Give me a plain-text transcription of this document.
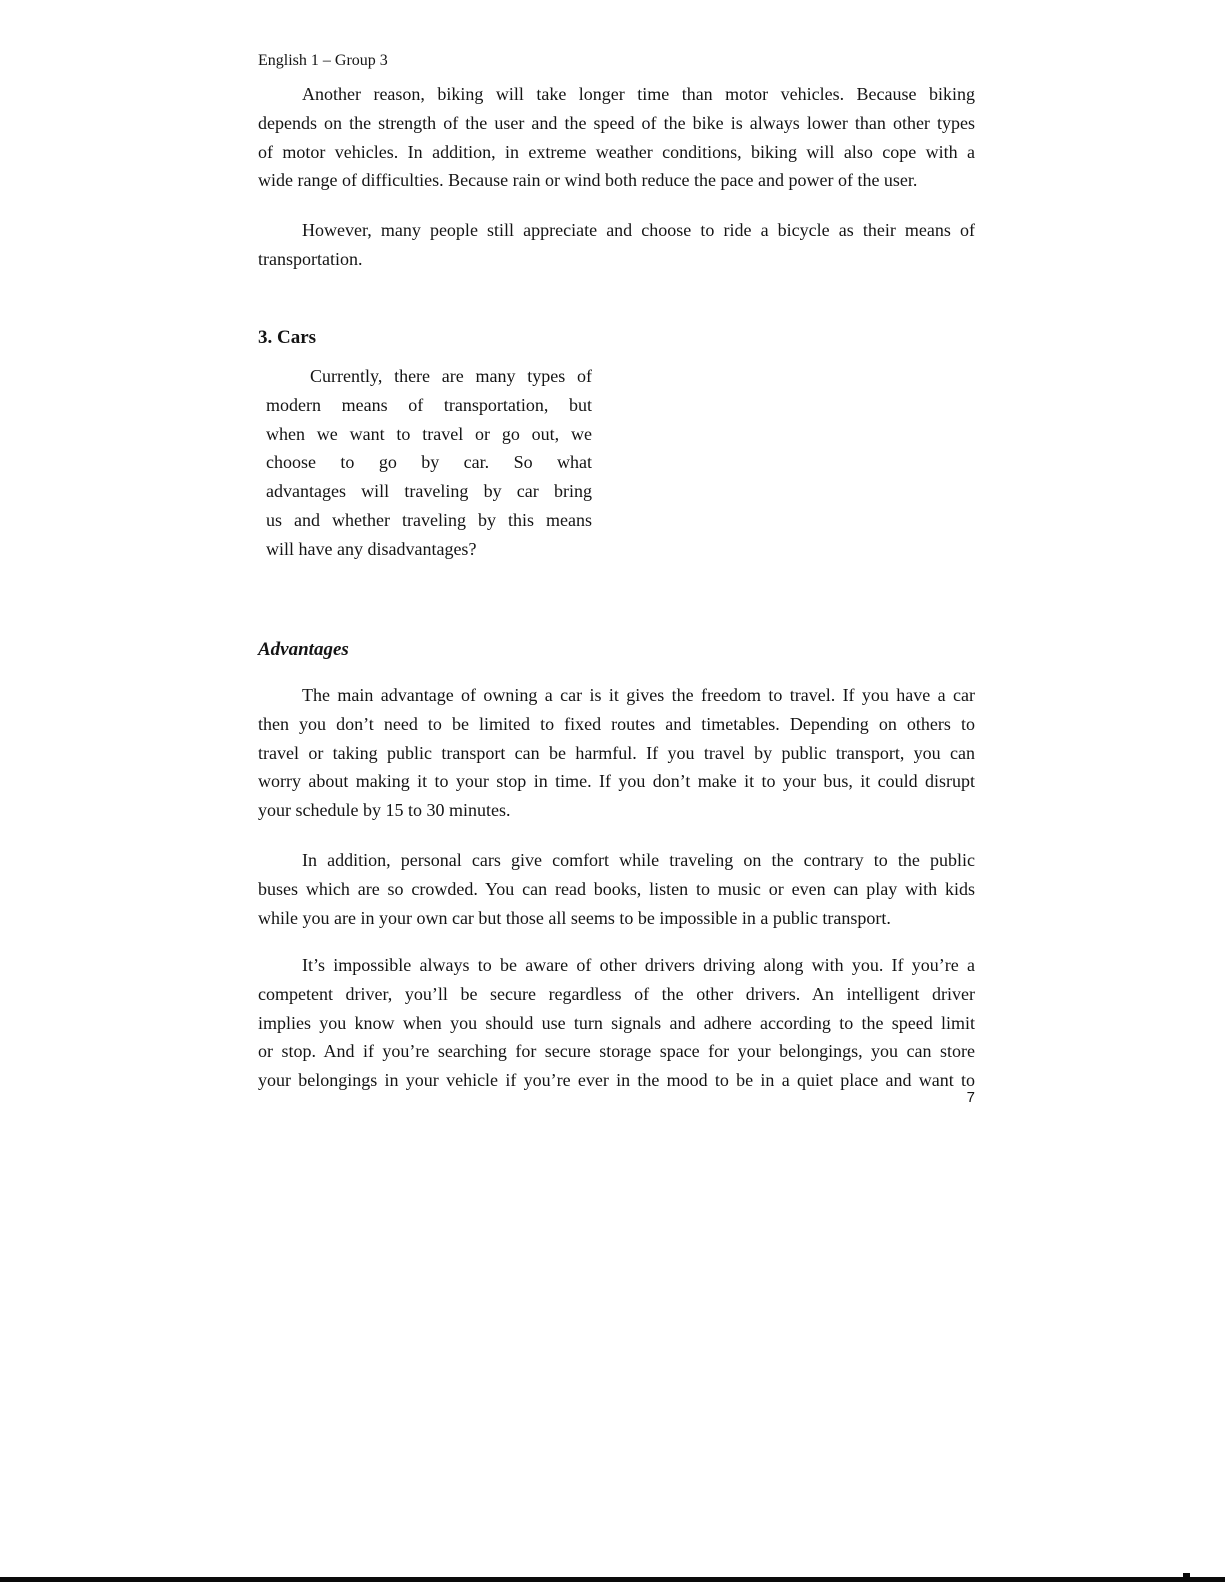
English 1 – Group 3
Another reason, biking will take longer time than motor vehicles. Because biking
depends on the strength of the user and the speed of the bike is always lower than other types
of motor vehicles. In addition, in extreme weather conditions, biking will also cope with a
wide range of difficulties. Because rain or wind both reduce the pace and power of the user.
However, many people still appreciate and choose to ride a bicycle as their means of
transportation.
3. Cars
Currently, there are many types of
modern means of transportation, but
when we want to travel or go out, we
choose to go by car. So what
advantages will traveling by car bring
us and whether traveling by this means
will have any disadvantages?
Advantages
The main advantage of owning a car is it gives the freedom to travel. If you have a car
then you don’t need to be limited to fixed routes and timetables. Depending on others to
travel or taking public transport can be harmful. If you travel by public transport, you can
worry about making it to your stop in time. If you don’t make it to your bus, it could disrupt
your schedule by 15 to 30 minutes.
In addition, personal cars give comfort while traveling on the contrary to the public
buses which are so crowded. You can read books, listen to music or even can play with kids
while you are in your own car but those all seems to be impossible in a public transport.
It’s impossible always to be aware of other drivers driving along with you. If you’re a
competent driver, you’ll be secure regardless of the other drivers. An intelligent driver
implies you know when you should use turn signals and adhere according to the speed limit
or stop. And if you’re searching for secure storage space for your belongings, you can store
your belongings in your vehicle if you’re ever in the mood to be in a quiet place and want to
7
